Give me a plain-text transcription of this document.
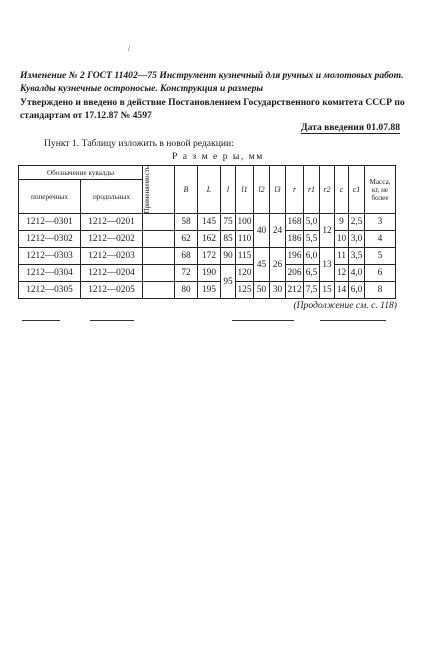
/
Изменение № 2 ГОСТ 11402—75 Инструмент кузнечный для ручных и молотовых работ. Кувалды кузнечные остроносые. Конструкция и размеры
Утверждено и введено в действие Постановлением Государственного комитета СССР по стандартам от 17.12.87 № 4597
Дата введения 01.07.88
Пункт 1. Таблицу изложить в новой редакции:
Р а з м е р ы, мм
Обозначение кувалды		Применяемость	B	L	l	l1	l2	l3	r	r1	r2	c	c1	Масса, кг, не более
поперечных	продольных													
1212—0301	1212—0201		58	145	75	100	40	24	168	5,0	12	9	2,5	3
1212—0302	1212—0202		62	162	85	110			186	5,5		10	3,0	4
1212—0303	1212—0203		68	172	90	115	45	26	196	6,0	13	11	3,5	5
1212—0304	1212—0204		72	190	95	120			206	6,5		12	4,0	6
1212—0305	1212—0205		80	195		125	50	30	212	7,5	15	14	6,0	8
(Продолжение см. с. 118)
